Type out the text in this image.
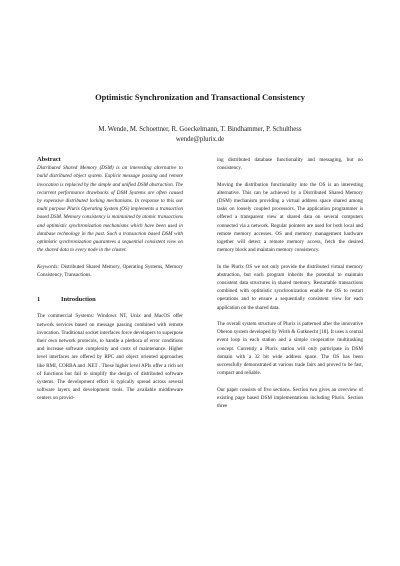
Optimistic Synchronization and Transactional Consistency
M. Wende, M. Schoettner, R. Goeckelmann, T. Bindhammer, P. Schulthess
wende@plurix.de
Abstract

Distributed Shared Memory (DSM) is an interesting alternative to build distributed object system. Explicit message passing and remote invocation is replaced by the simple and unified DSM abstraction. The recurrent performance drawbacks of DSM Systems are often caused by expensive distributed locking mechanisms. In response to this our multi purpose Plurix Operating System (OS) implements a transaction based DSM. Memory consistency is maintained by atomic transactions and optimistic synchronization mechanisms which have been used in database technology in the past. Such a transaction based DSM with optimistic synchronization guarantees a sequential consistent view on the shared data to every node in the cluster.

Keywords: Distributed Shared Memory, Operating Systems, Memory Consistency, Transactions.

1	Introduction

The commercial Systems: Windows NT, Unix and MacOS offer network services based on message passing combined with remote invocation. Traditional socket interfaces force developers to superpose their own network protocols, to handle a plethora of error conditions and increase software complexity and costs of maintenance. Higher level interfaces are offered by RPC and object oriented approaches like RMI, CORBA and .NET . These higher level APIs offer a rich set of functions but fail to simplify the design of distributed software systems. The development effort is typically spread across several software layers and development tools. The available middleware centers on provid-

ing distributed database functionality and messaging, but no consistency.

Moving the distribution functionality into the OS is an interesting alternative. This can be achieved by a Distributed Shared Memory (DSM) mechanism providing a virtual address space shared among tasks on loosely coupled processors. The application programmer is offered a transparent view at shared data on several computers connected via a network. Regular pointers are used for both local and remote memory accesses. OS and memory management hardware together will detect a remote memory access, fetch the desired memory block and maintain memory consistency.

In the Plurix OS we not only provide the distributed virtual memory abstraction, but each program inherits the potential to maintain consistent data structures in shared memory. Restartable transactions combined with optimistic synchronization enable the OS to restart operations and to ensure a sequentially consistent view for each application on the shared data.

The overall system structure of Plurix is patterned after the innovative Oberon system developed by Wirth & Gutknecht [18]. It uses a central event loop in each station and a simple cooperative multitasking concept. Currently a Plurix station will only participate in DSM domain with a 32 bit wide address space. The OS has been successfully demonstrated at various trade fairs and proved to be fast, compact and reliable.

Our paper consists of five sections. Section two gives an overview of existing page based DSM implementations including Plurix. Section three
